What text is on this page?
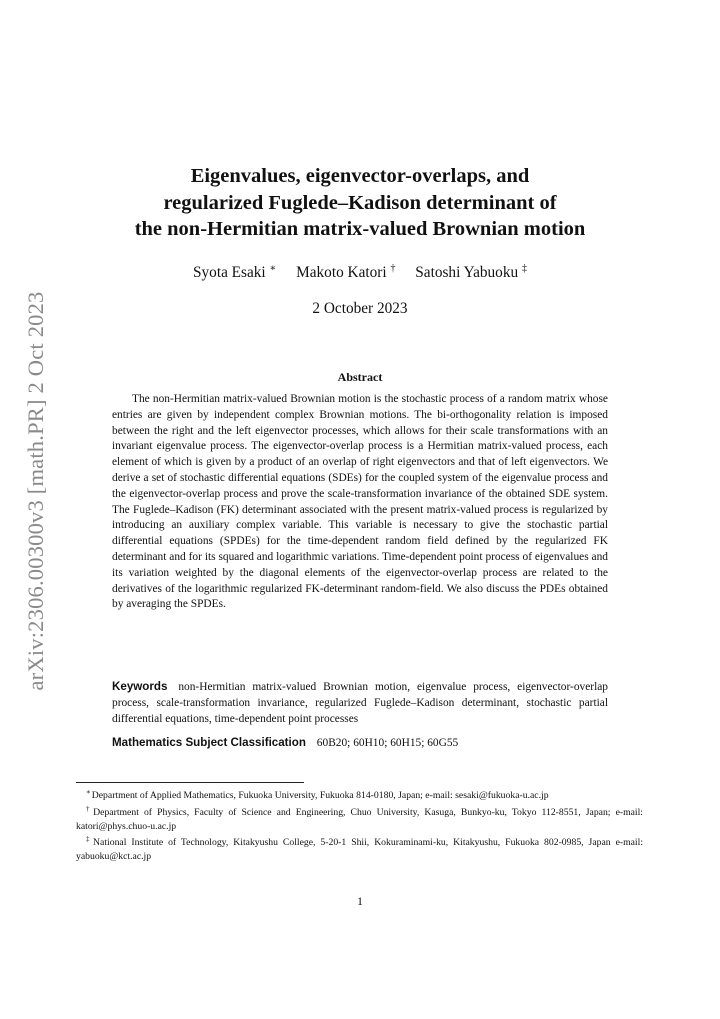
arXiv:2306.00300v3 [math.PR] 2 Oct 2023
Eigenvalues, eigenvector-overlaps, and
regularized Fuglede–Kadison determinant of
the non-Hermitian matrix-valued Brownian motion
Syota Esaki ∗ Makoto Katori † Satoshi Yabuoku ‡
2 October 2023
Abstract

The non-Hermitian matrix-valued Brownian motion is the stochastic process of a random matrix whose entries are given by independent complex Brownian motions. The bi-orthogonality relation is imposed between the right and the left eigenvector processes, which allows for their scale transformations with an invariant eigenvalue process. The eigenvector-overlap process is a Hermitian matrix-valued process, each element of which is given by a product of an overlap of right eigenvectors and that of left eigenvectors. We derive a set of stochastic differential equations (SDEs) for the coupled system of the eigenvalue process and the eigenvector-overlap process and prove the scale-transformation invariance of the obtained SDE system. The Fuglede–Kadison (FK) determinant associated with the present matrix-valued process is regularized by introducing an auxiliary complex variable. This variable is necessary to give the stochastic partial differential equations (SPDEs) for the time-dependent random field defined by the regularized FK determinant and for its squared and logarithmic variations. Time-dependent point process of eigenvalues and its variation weighted by the diagonal elements of the eigenvector-overlap process are related to the derivatives of the logarithmic regularized FK-determinant random-field. We also discuss the PDEs obtained by averaging the SPDEs.

Keywords non-Hermitian matrix-valued Brownian motion, eigenvalue process, eigenvector-overlap process, scale-transformation invariance, regularized Fuglede–Kadison determinant, stochastic partial differential equations, time-dependent point processes

Mathematics Subject Classification 60B20; 60H10; 60H15; 60G55

∗Department of Applied Mathematics, Fukuoka University, Fukuoka 814-0180, Japan; e-mail: sesaki@fukuoka-u.ac.jp

†Department of Physics, Faculty of Science and Engineering, Chuo University, Kasuga, Bunkyo-ku, Tokyo 112-8551, Japan; e-mail: katori@phys.chuo-u.ac.jp

‡National Institute of Technology, Kitakyushu College, 5-20-1 Shii, Kokuraminami-ku, Kitakyushu, Fukuoka 802-0985, Japan e-mail: yabuoku@kct.ac.jp

1
